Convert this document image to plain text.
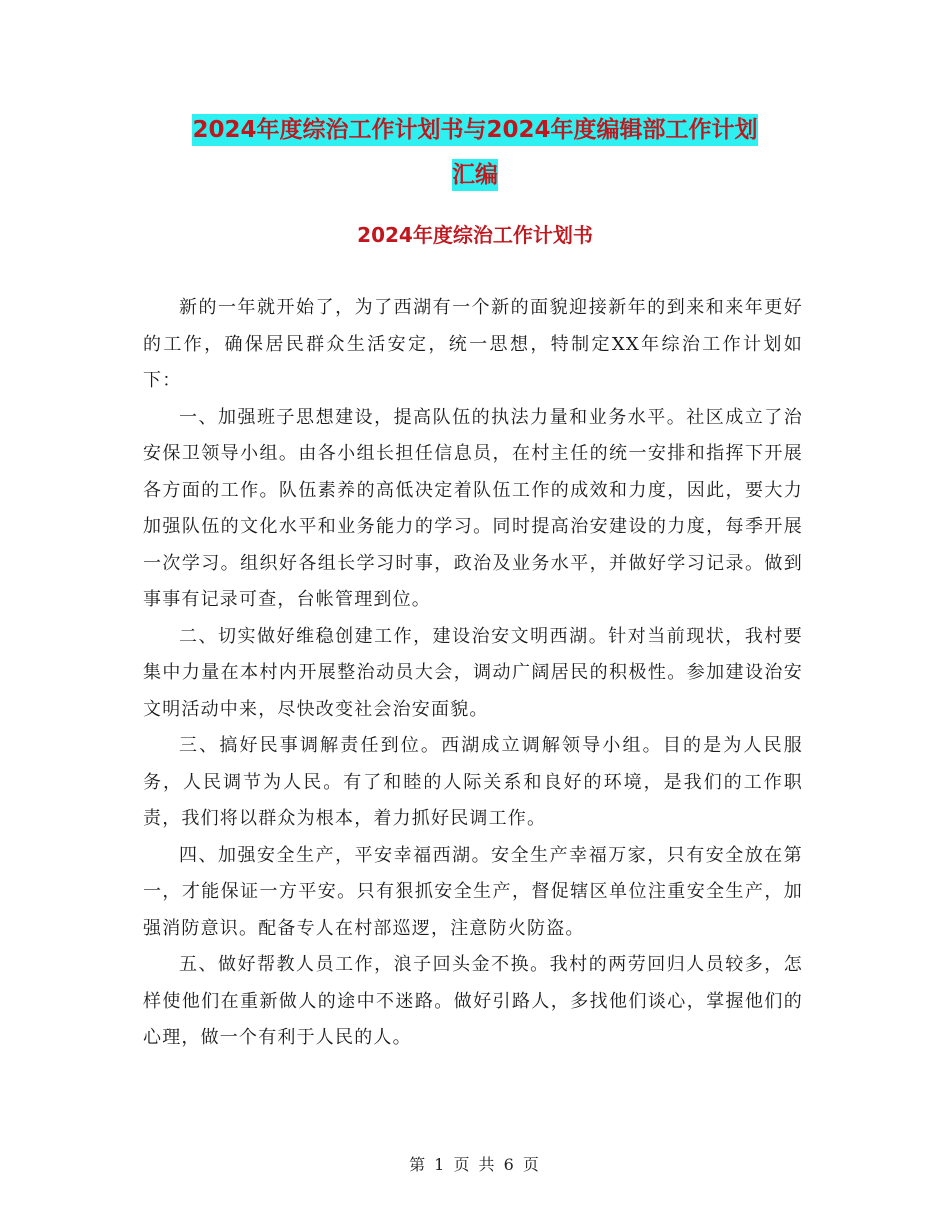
2024年度综治工作计划书与2024年度编辑部工作计划
汇编
2024年度综治工作计划书

新的一年就开始了，为了西湖有一个新的面貌迎接新年的到来和来年更好的工作，确保居民群众生活安定，统一思想，特制定XX年综治工作计划如下：

一、加强班子思想建设，提高队伍的执法力量和业务水平。社区成立了治安保卫领导小组。由各小组长担任信息员，在村主任的统一安排和指挥下开展各方面的工作。队伍素养的高低决定着队伍工作的成效和力度，因此，要大力加强队伍的文化水平和业务能力的学习。同时提高治安建设的力度，每季开展一次学习。组织好各组长学习时事，政治及业务水平，并做好学习记录。做到事事有记录可查，台帐管理到位。

二、切实做好维稳创建工作，建设治安文明西湖。针对当前现状，我村要集中力量在本村内开展整治动员大会，调动广阔居民的积极性。参加建设治安文明活动中来，尽快改变社会治安面貌。

三、搞好民事调解责任到位。西湖成立调解领导小组。目的是为人民服务，人民调节为人民。有了和睦的人际关系和良好的环境，是我们的工作职责，我们将以群众为根本，着力抓好民调工作。

四、加强安全生产，平安幸福西湖。安全生产幸福万家，只有安全放在第一，才能保证一方平安。只有狠抓安全生产，督促辖区单位注重安全生产，加强消防意识。配备专人在村部巡逻，注意防火防盗。

五、做好帮教人员工作，浪子回头金不换。我村的两劳回归人员较多，怎样使他们在重新做人的途中不迷路。做好引路人，多找他们谈心，掌握他们的心理，做一个有利于人民的人。

第 1 页 共 6 页
